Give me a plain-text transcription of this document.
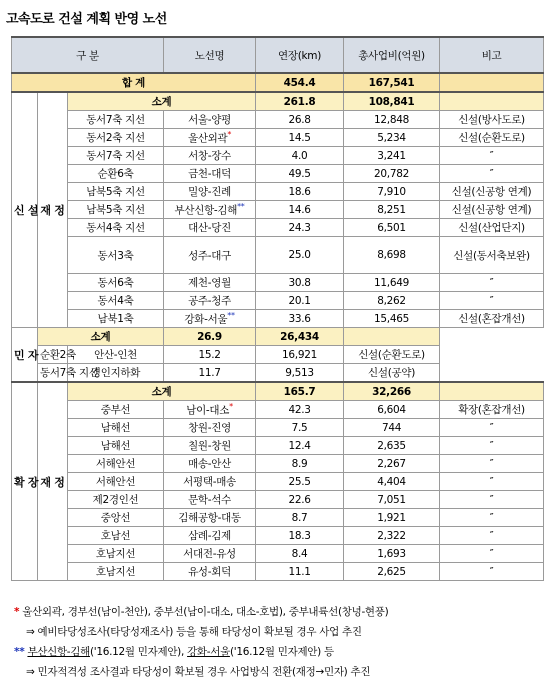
고속도로 건설 계획 반영 노선
구 분			노선명	연장(km)	총사업비(억원)	비고
합 계				454.4	167,541	
신 설	재 정	소계		261.8	108,841	
		동서7축 지선	서울-양평	26.8	12,848	신설(방사도로)
		동서2축 지선	울산외곽*	14.5	5,234	신설(순환도로)
		동서7축 지선	서창-장수	4.0	3,241	″
		순환6축	금천-대덕	49.5	20,782	″
		남북5축 지선	밀양-진례	18.6	7,910	신설(신공항 연계)
		남북5축 지선	부산신항-김해**	14.6	8,251	신설(신공항 연계)
		동서4축 지선	대산-당진	24.3	6,501	신설(산업단지)
		동서3축	성주-대구	25.0	8,698	신설(동서축보완)
		동서6축	제천-영월	30.8	11,649	″
		동서4축	공주-청주	20.1	8,262	″
		남북1축	강화-서울**	33.6	15,465	신설(혼잡개선)
민 자	소계		26.9	26,434		
	순환2축	안산-인천	15.2	16,921	신설(순환도로)	
	동서7축 지선	경인지하화	11.7	9,513	신설(공약)	
확 장	재 정	소계		165.7	32,266	
		중부선	남이-대소*	42.3	6,604	확장(혼잡개선)
		남해선	창원-진영	7.5	744	″
		남해선	칠원-창원	12.4	2,635	″
		서해안선	매송-안산	8.9	2,267	″
		서해안선	서평택-매송	25.5	4,404	″
		제2경인선	문학-석수	22.6	7,051	″
		중앙선	김해공항-대동	8.7	1,921	″
		호남선	삼례-김제	18.3	2,322	″
		호남지선	서대전-유성	8.4	1,693	″
		호남지선	유성-회덕	11.1	2,625	″
* 울산외곽, 경부선(남이-천안), 중부선(남이-대소, 대소-호법), 중부내륙선(창녕-현풍)
⇒ 예비타당성조사(타당성재조사) 등을 통해 타당성이 확보될 경우 사업 추진
** 부산신항-김해('16.12월 민자제안), 강화-서울('16.12월 민자제안) 등
⇒ 민자적격성 조사결과 타당성이 확보될 경우 사업방식 전환(재정→민자) 추진
